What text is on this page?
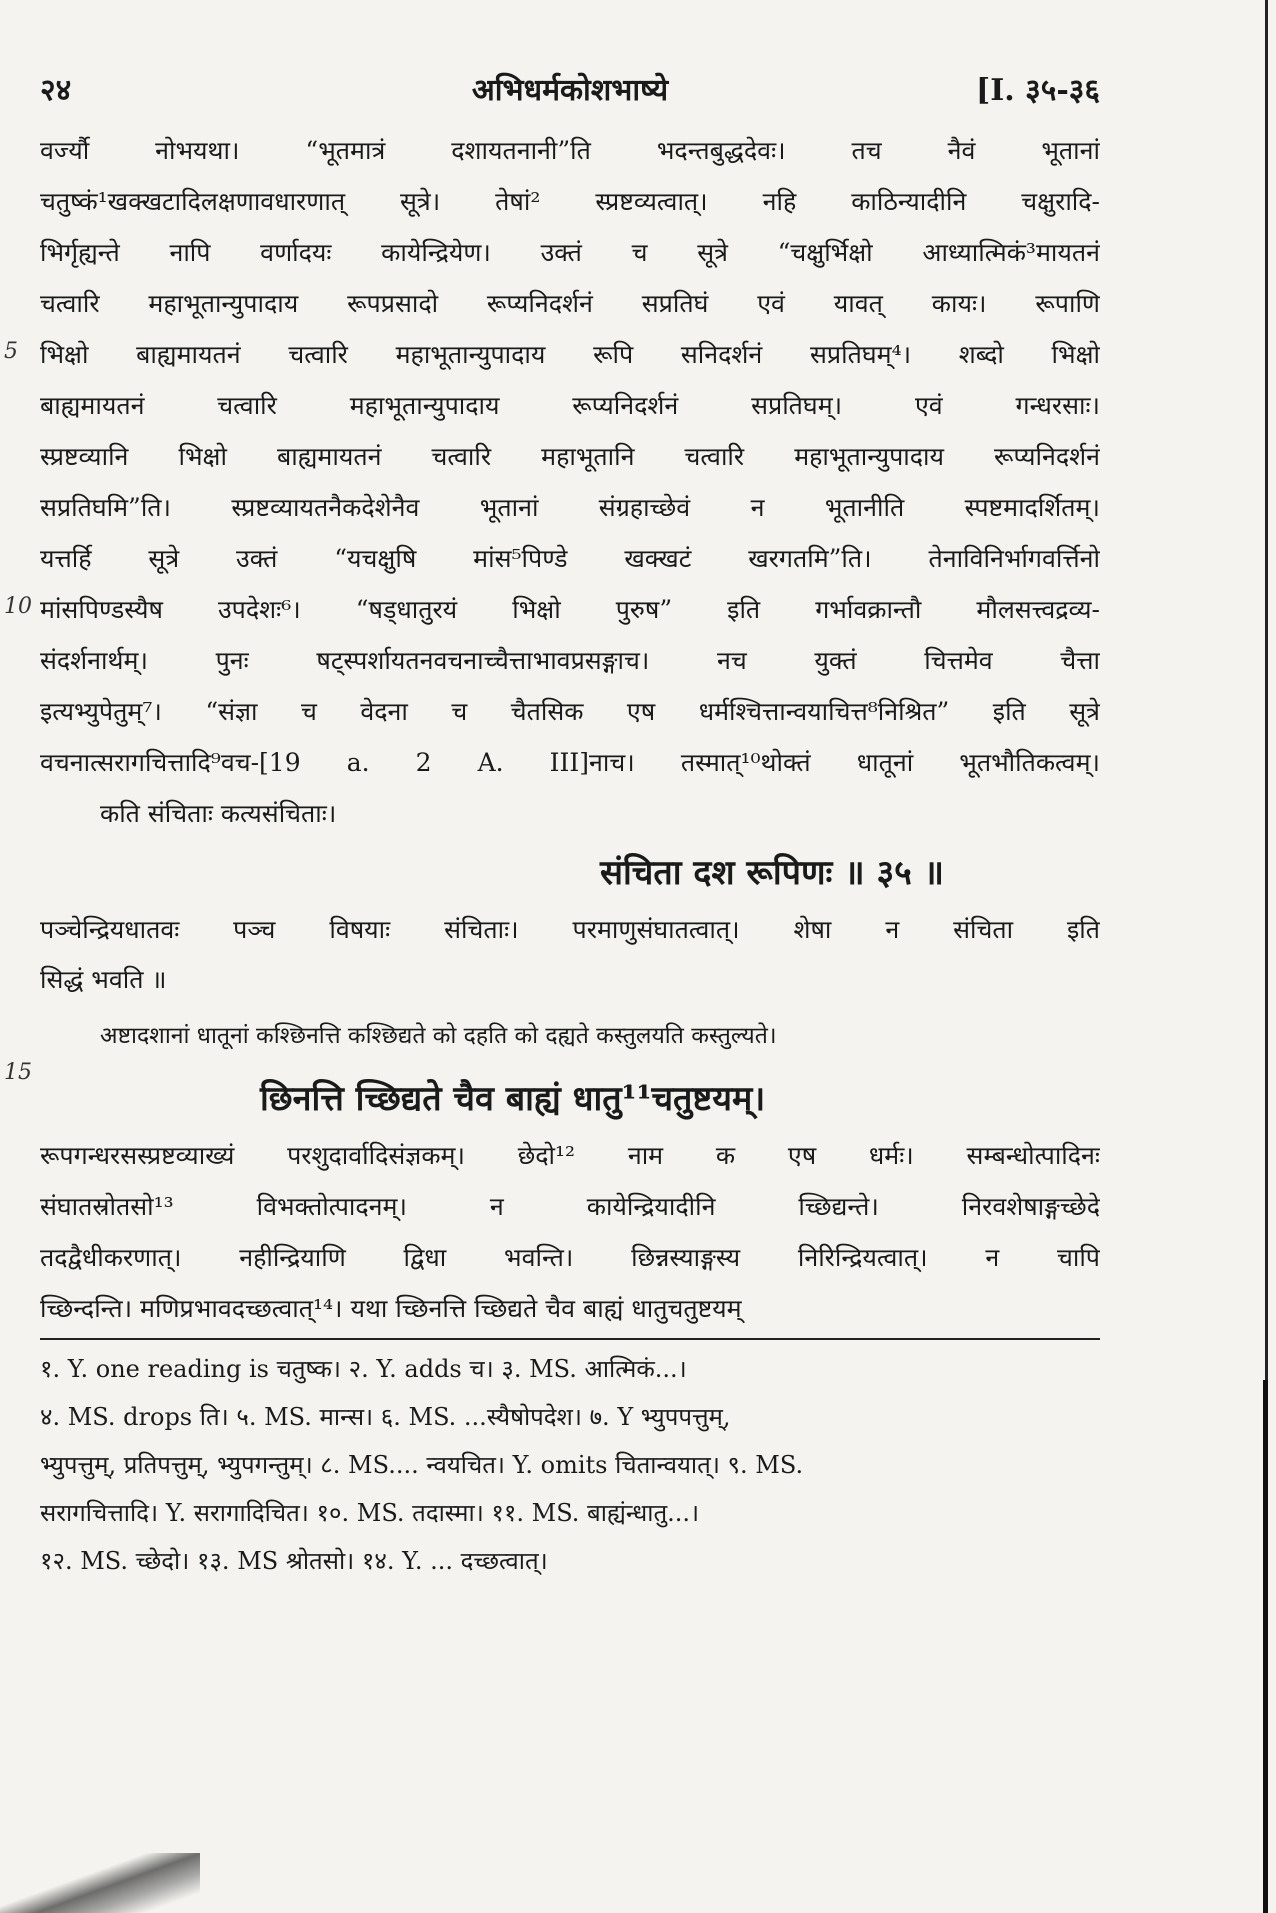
२४	अभिधर्मकोशभाष्ये	[I. ३५-३६
वर्ज्यौ नोभयथा। “भूतमात्रं दशायतनानी”ति भदन्तबुद्धदेवः। तच नैवं भूतानां
चतुष्कं¹खक्खटादिलक्षणावधारणात् सूत्रे। तेषां² स्प्रष्टव्यत्वात्। नहि काठिन्यादीनि चक्षुरादि-
भिर्गृह्यन्ते नापि वर्णादयः कायेन्द्रियेण। उक्तं च सूत्रे “चक्षुर्भिक्षो आध्यात्मिकं³मायतनं
चत्वारि महाभूतान्युपादाय रूपप्रसादो रूप्यनिदर्शनं सप्रतिघं एवं यावत् कायः। रूपाणि
भिक्षो बाह्यमायतनं चत्वारि महाभूतान्युपादाय रूपि सनिदर्शनं सप्रतिघम्⁴। शब्दो भिक्षो
बाह्यमायतनं चत्वारि महाभूतान्युपादाय रूप्यनिदर्शनं सप्रतिघम्। एवं गन्धरसाः।
स्प्रष्टव्यानि भिक्षो बाह्यमायतनं चत्वारि महाभूतानि चत्वारि महाभूतान्युपादाय रूप्यनिदर्शनं
सप्रतिघमि”ति। स्प्रष्टव्यायतनैकदेशेनैव भूतानां संग्रहाच्छेवं न भूतानीति स्पष्टमादर्शितम्।
यत्तर्हि सूत्रे उक्तं “यचक्षुषि मांस⁵पिण्डे खक्खटं खरगतमि”ति। तेनाविनिर्भागवर्त्तिनो
मांसपिण्डस्यैष उपदेशः⁶। “षड्धातुरयं भिक्षो पुरुष” इति गर्भावक्रान्तौ मौलसत्त्वद्रव्य-
संदर्शनार्थम्। पुनः षट्स्पर्शायतनवचनाच्चैत्ताभावप्रसङ्गाच। नच युक्तं चित्तमेव चैत्ता
इत्यभ्युपेतुम्⁷। “संज्ञा च वेदना च चैतसिक एष धर्मश्चित्तान्वयाचित्त⁸निश्रित” इति सूत्रे
वचनात्सरागचित्तादि⁹वच-[19 a. 2 A. III]नाच। तस्मात्¹⁰थोक्तं धातूनां भूतभौतिकत्वम्।
कति संचिताः कत्यसंचिताः।
5
10
15
संचिता दश रूपिणः ॥ ३५ ॥
पञ्चेन्द्रियधातवः पञ्च विषयाः संचिताः। परमाणुसंघातत्वात्। शेषा न संचिता इति
सिद्धं भवति ॥
अष्टादशानां धातूनां कश्छिनत्ति कश्छिद्यते को दहति को दह्यते कस्तुलयति कस्तुल्यते।
छिनत्ति च्छिद्यते चैव बाह्यं धातु¹¹चतुष्टयम्।
रूपगन्धरसस्प्रष्टव्याख्यं परशुदार्वादिसंज्ञकम्। छेदो¹² नाम क एष धर्मः। सम्बन्धोत्पादिनः
संघातस्रोतसो¹³ विभक्तोत्पादनम्। न कायेन्द्रियादीनि च्छिद्यन्ते। निरवशेषाङ्गच्छेदे
तदद्वैधीकरणात्। नहीन्द्रियाणि द्विधा भवन्ति। छिन्नस्याङ्गस्य निरिन्द्रियत्वात्। न चापि
च्छिन्दन्ति। मणिप्रभावदच्छत्वात्¹⁴। यथा च्छिनत्ति च्छिद्यते चैव बाह्यं धातुचतुष्टयम्
१. Y. one reading is चतुष्क। २. Y. adds च। ३. MS. आत्मिकं...।
४. MS. drops ति। ५. MS. मान्स। ६. MS. ...स्यैषोपदेश। ७. Y भ्युपपत्तुम्,
भ्युपत्तुम्, प्रतिपत्तुम्, भ्युपगन्तुम्। ८. MS.... न्वयचित। Y. omits चितान्वयात्। ९. MS.
सरागचित्तादि। Y. सरागादिचित। १०. MS. तदास्मा। ११. MS. बाह्यंन्धातु...।
१२. MS. च्छेदो। १३. MS श्रोतसो। १४. Y. ... दच्छत्वात्।
